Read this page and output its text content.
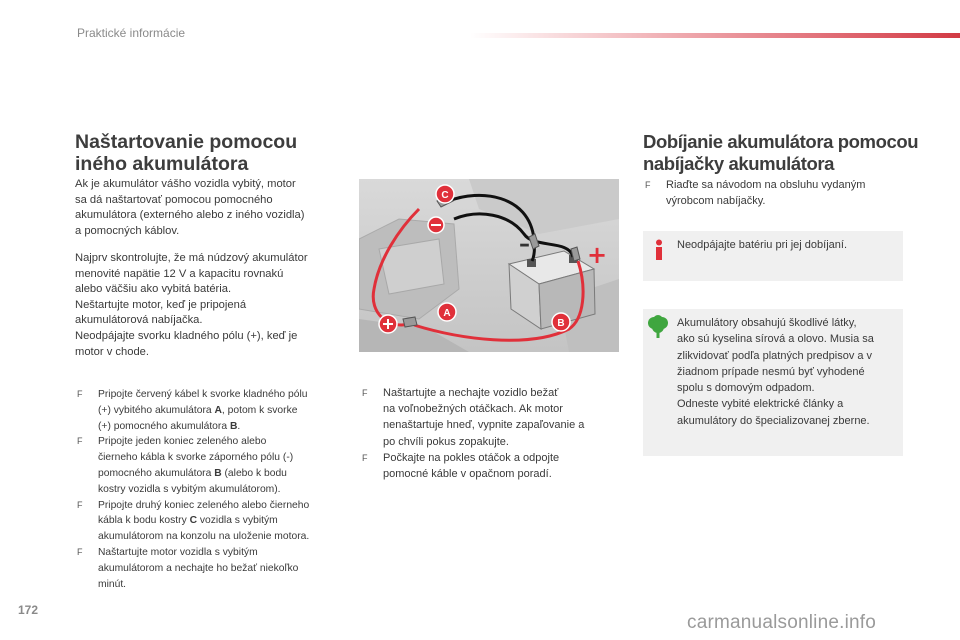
Praktické informácie
Naštartovanie pomocou
iného akumulátora
Ak je akumulátor vášho vozidla vybitý, motor
sa dá naštartovať pomocou pomocného
akumulátora (externého alebo z iného vozidla)
a pomocných káblov.
Najprv skontrolujte, že má núdzový akumulátor
menovité napätie 12 V a kapacitu rovnakú
alebo väčšiu ako vybitá batéria.
Neštartujte motor, keď je pripojená
akumulátorová nabíjačka.
Neodpájajte svorku kladného pólu (+), keď je
motor v chode.
F Pripojte červený kábel k svorke kladného pólu
(+) vybitého akumulátora A, potom k svorke
(+) pomocného akumulátora B.
F Pripojte jeden koniec zeleného alebo
čierneho kábla k svorke záporného pólu (-)
pomocného akumulátora B (alebo k bodu
kostry vozidla s vybitým akumulátorom).
F Pripojte druhý koniec zeleného alebo čierneho
kábla k bodu kostry C vozidla s vybitým
akumulátorom na konzolu na uloženie motora.
F Naštartujte motor vozidla s vybitým
akumulátorom a nechajte ho bežať niekoľko
minút.
– +
C
A
B
F Naštartujte a nechajte vozidlo bežať
na voľnobežných otáčkach. Ak motor
nenaštartuje hneď, vypnite zapaľovanie a
po chvíli pokus zopakujte.
F Počkajte na pokles otáčok a odpojte
pomocné káble v opačnom poradí.
Dobíjanie akumulátora pomocou
nabíjačky akumulátora
F Riaďte sa návodom na obsluhu vydaným
výrobcom nabíjačky.
Neodpájajte batériu pri jej dobíjaní.
Akumulátory obsahujú škodlivé látky,
ako sú kyselina sírová a olovo. Musia sa
zlikvidovať podľa platných predpisov a v
žiadnom prípade nesmú byť vyhodené
spolu s domovým odpadom.
Odneste vybité elektrické články a
akumulátory do špecializovanej zberne.
172
carmanualsonline.info
